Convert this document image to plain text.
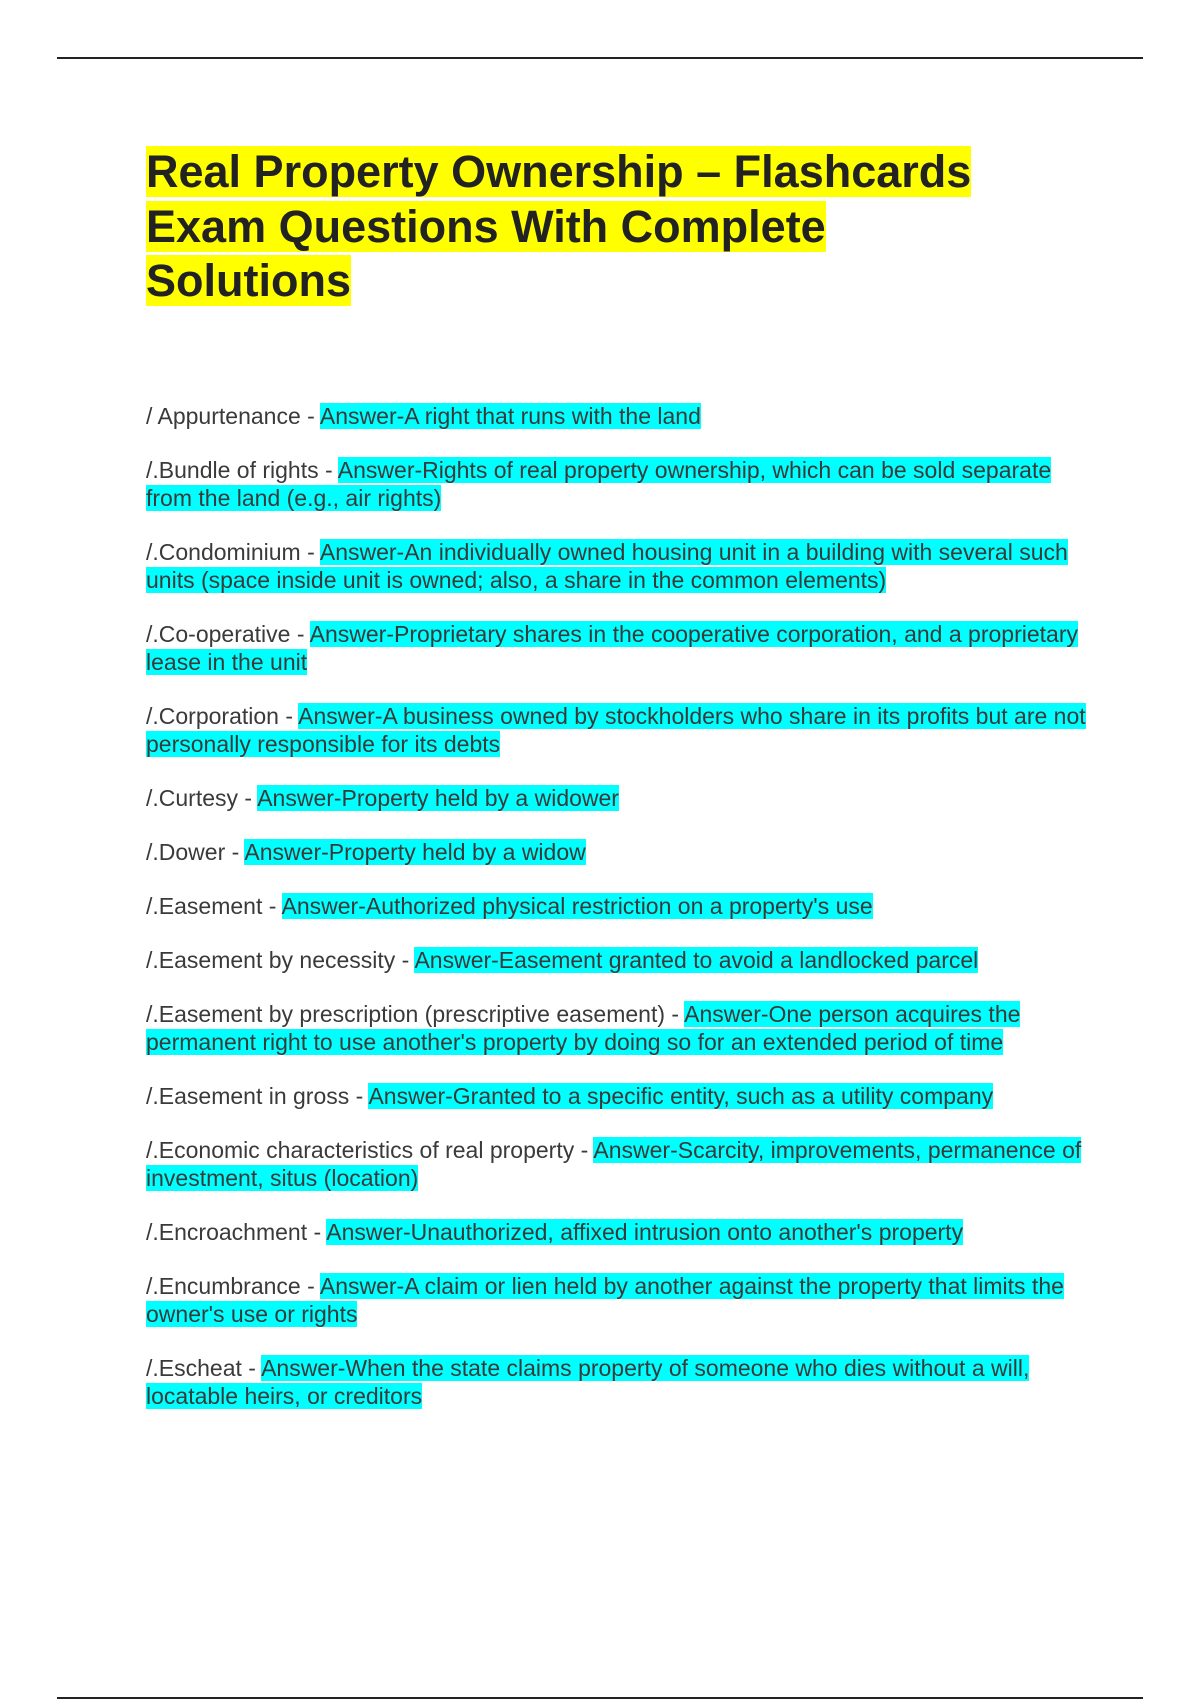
Real Property Ownership – Flashcards
Exam Questions With Complete
Solutions
/ Appurtenance - Answer-A right that runs with the land
/.Bundle of rights - Answer-Rights of real property ownership, which can be sold separate from the land (e.g., air rights)
/.Condominium - Answer-An individually owned housing unit in a building with several such units (space inside unit is owned; also, a share in the common elements)
/.Co-operative - Answer-Proprietary shares in the cooperative corporation, and a proprietary lease in the unit
/.Corporation - Answer-A business owned by stockholders who share in its profits but are not personally responsible for its debts
/.Curtesy - Answer-Property held by a widower
/.Dower - Answer-Property held by a widow
/.Easement - Answer-Authorized physical restriction on a property's use
/.Easement by necessity - Answer-Easement granted to avoid a landlocked parcel
/.Easement by prescription (prescriptive easement) - Answer-One person acquires the permanent right to use another's property by doing so for an extended period of time
/.Easement in gross - Answer-Granted to a specific entity, such as a utility company
/.Economic characteristics of real property - Answer-Scarcity, improvements, permanence of investment, situs (location)
/.Encroachment - Answer-Unauthorized, affixed intrusion onto another's property
/.Encumbrance - Answer-A claim or lien held by another against the property that limits the owner's use or rights
/.Escheat - Answer-When the state claims property of someone who dies without a will, locatable heirs, or creditors
